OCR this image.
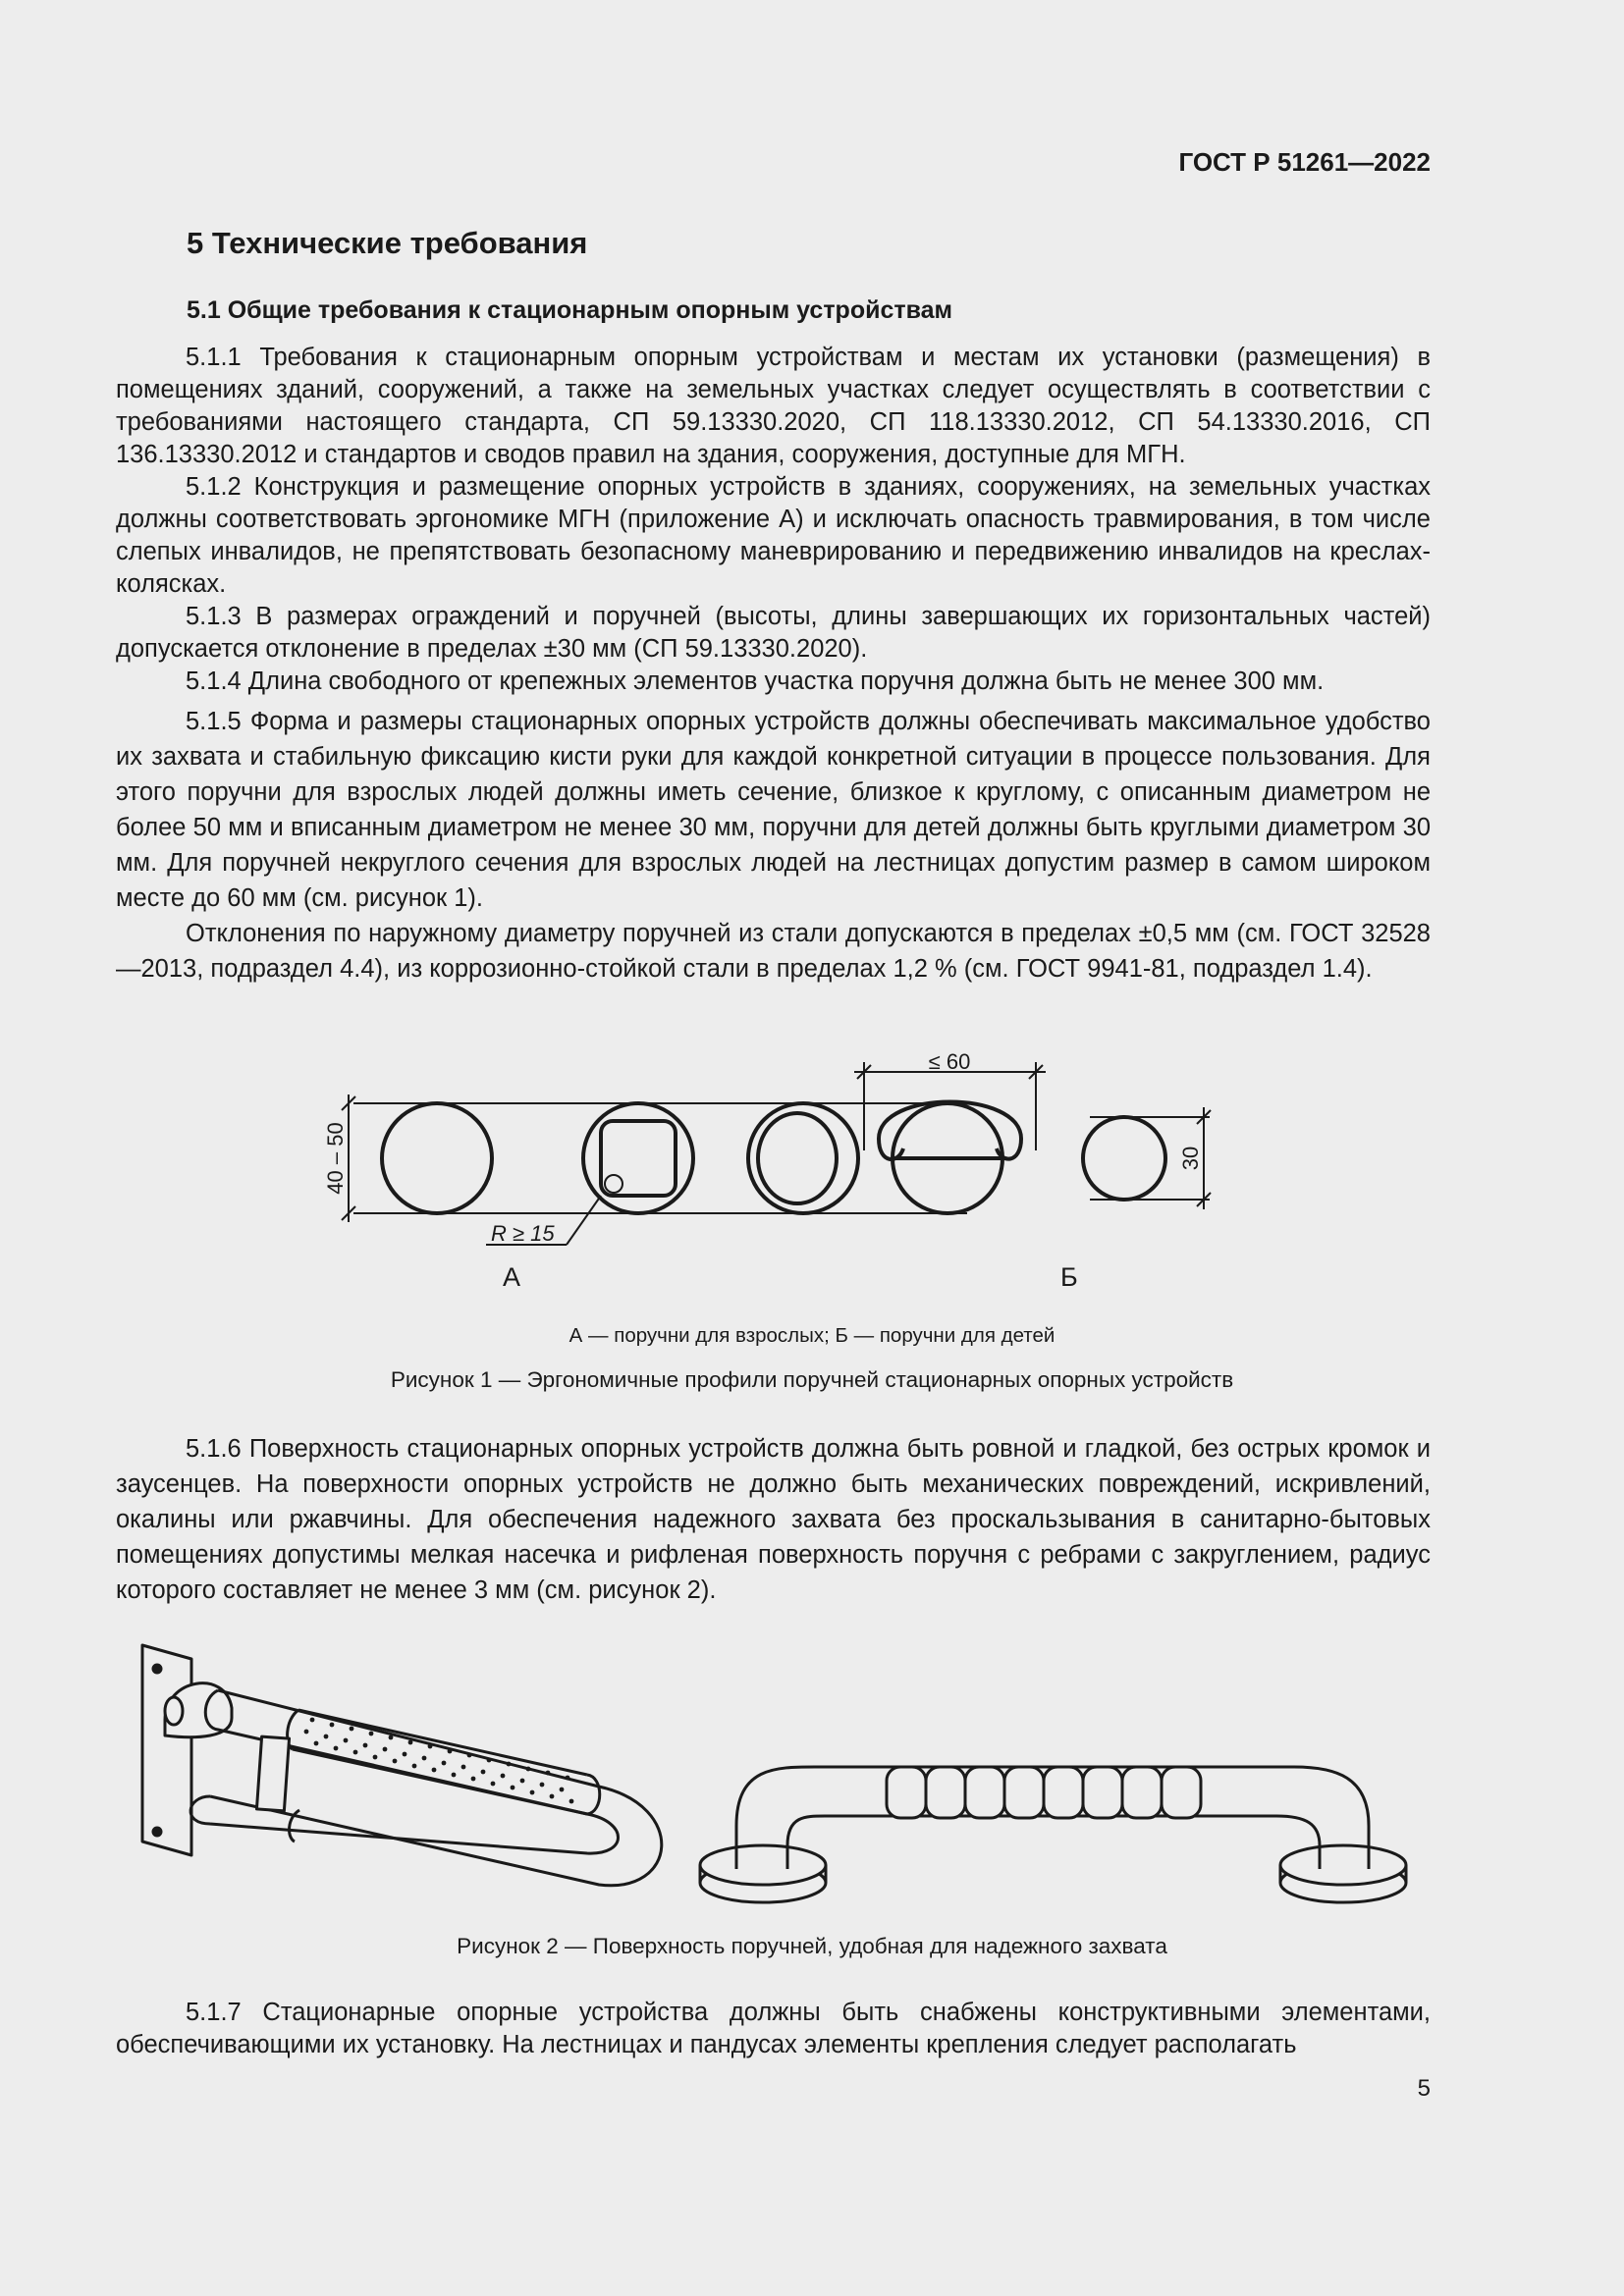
ГОСТ Р 51261—2022
5 Технические требования
5.1 Общие требования к стационарным опорным устройствам

5.1.1 Требования к стационарным опорным устройствам и местам их установки (размещения) в помещениях зданий, сооружений, а также на земельных участках следует осуществлять в соответствии с требованиями настоящего стандарта, СП 59.13330.2020, СП 118.13330.2012, СП 54.13330.2016, СП 136.13330.2012 и стандартов и сводов правил на здания, сооружения, доступные для МГН.

5.1.2 Конструкция и размещение опорных устройств в зданиях, сооружениях, на земельных участках должны соответствовать эргономике МГН (приложение А) и исключать опасность травмирования, в том числе слепых инвалидов, не препятствовать безопасному маневрированию и передвижению инвалидов на креслах-колясках.

5.1.3 В размерах ограждений и поручней (высоты, длины завершающих их горизонтальных частей) допускается отклонение в пределах ±30 мм (СП 59.13330.2020).

5.1.4 Длина свободного от крепежных элементов участка поручня должна быть не менее 300 мм.

5.1.5 Форма и размеры стационарных опорных устройств должны обеспечивать максимальное удобство их захвата и стабильную фиксацию кисти руки для каждой конкретной ситуации в процессе пользования. Для этого поручни для взрослых людей должны иметь сечение, близкое к круглому, с описанным диаметром не более 50 мм и вписанным диаметром не менее 30 мм, поручни для детей должны быть круглыми диаметром 30 мм. Для поручней некруглого сечения для взрослых людей на лестницах допустим размер в самом широком месте до 60 мм (см. рисунок 1).

Отклонения по наружному диаметру поручней из стали допускаются в пределах ±0,5 мм (см. ГОСТ 32528—2013, подраздел 4.4), из коррозионно-стойкой стали в пределах 1,2 % (см. ГОСТ 9941-81, подраздел 1.4).

≤ 60
40 – 50	30
R ≥ 15
А	Б
А — поручни для взрослых; Б — поручни для детей
Рисунок 1 — Эргономичные профили поручней стационарных опорных устройств

5.1.6 Поверхность стационарных опорных устройств должна быть ровной и гладкой, без острых кромок и заусенцев. На поверхности опорных устройств не должно быть механических повреждений, искривлений, окалины или ржавчины. Для обеспечения надежного захвата без проскальзывания в санитарно-бытовых помещениях допустимы мелкая насечка и рифленая поверхность поручня с ребрами с закруглением, радиус которого составляет не менее 3 мм (см. рисунок 2).

Рисунок 2 — Поверхность поручней, удобная для надежного захвата

5.1.7 Стационарные опорные устройства должны быть снабжены конструктивными элементами, обеспечивающими их установку. На лестницах и пандусах элементы крепления следует располагать

5
